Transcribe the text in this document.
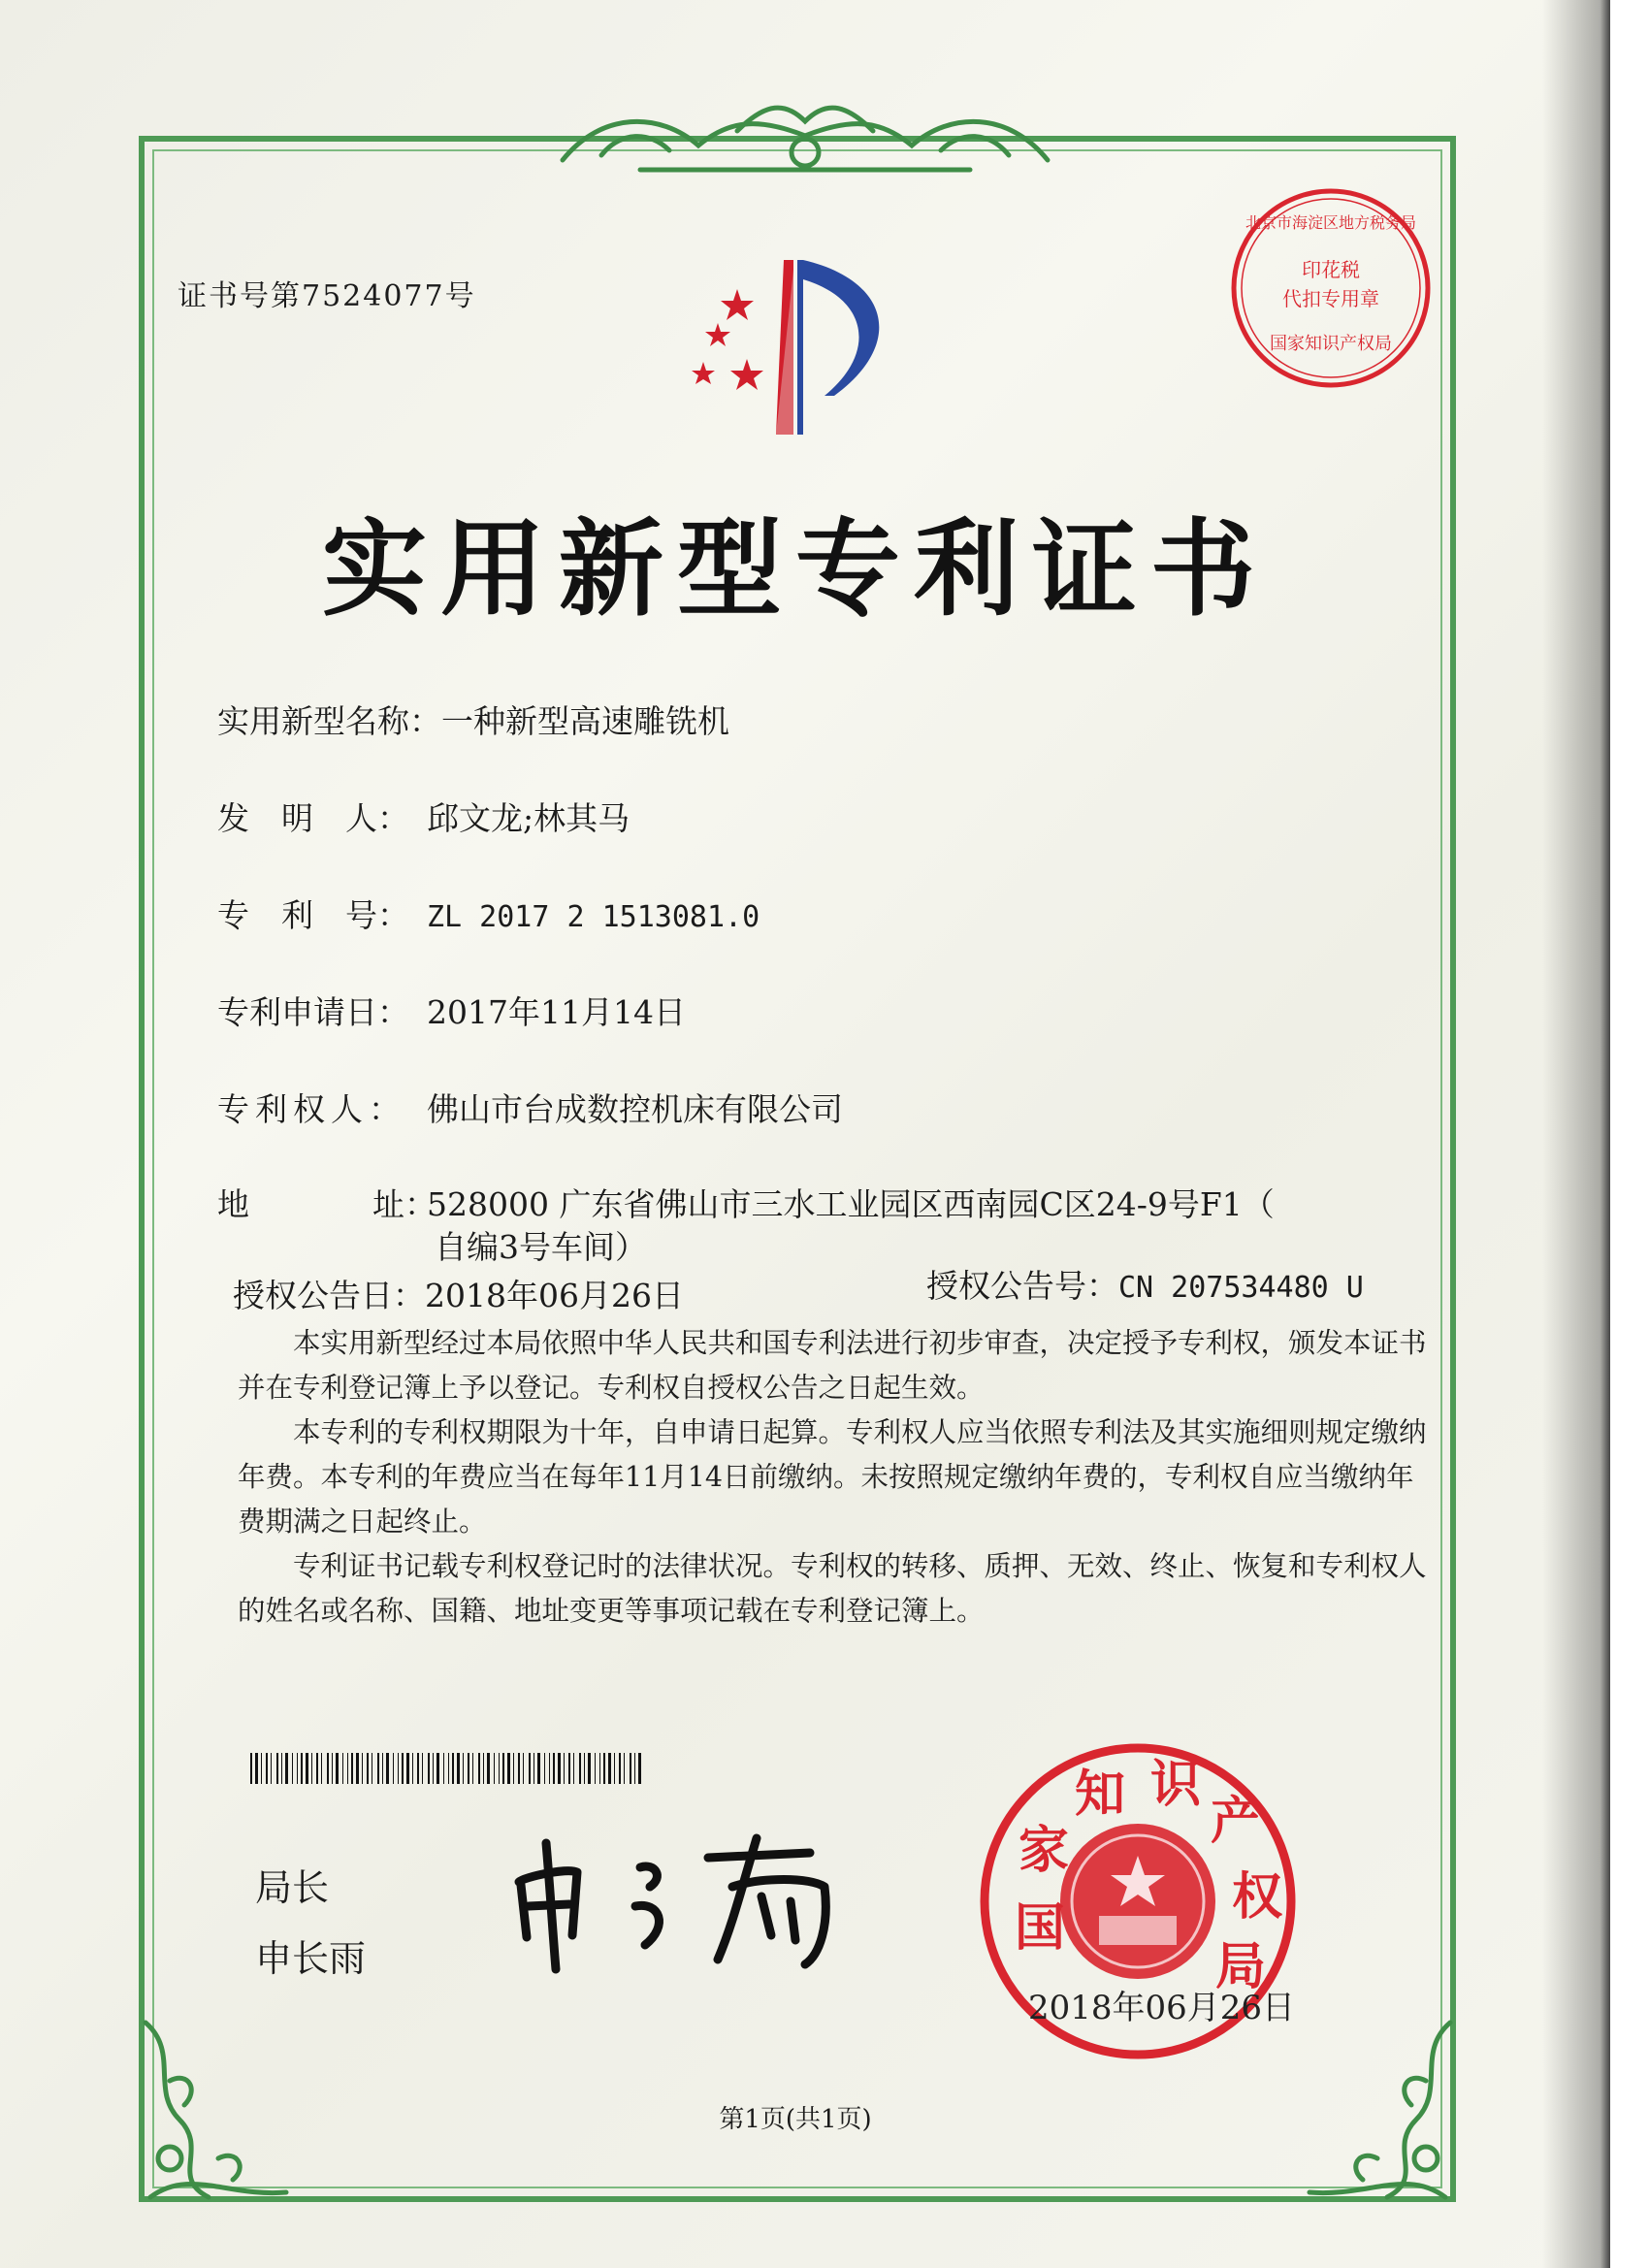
证书号第7524077号
印花税
代扣专用章
国家知识产权局
北京市海淀区地方税务局
实用新型专利证书
实用新型名称：一种新型高速雕铣机
发　明　人： 邱文龙;林其马
专　利　号： ZL 2017 2 1513081.0
专利申请日： 2017年11月14日
专利权人： 佛山市台成数控机床有限公司
地	址：528000 广东省佛山市三水工业园区西南园C区24-9号F1（
自编3号车间）
授权公告日：2018年06月26日	授权公告号：CN 207534480 U

本实用新型经过本局依照中华人民共和国专利法进行初步审查，决定授予专利权，颁发本证书并在专利登记簿上予以登记。专利权自授权公告之日起生效。

本专利的专利权期限为十年，自申请日起算。专利权人应当依照专利法及其实施细则规定缴纳年费。本专利的年费应当在每年11月14日前缴纳。未按照规定缴纳年费的，专利权自应当缴纳年费期满之日起终止。

专利证书记载专利权登记时的法律状况。专利权的转移、质押、无效、终止、恢复和专利权人的姓名或名称、国籍、地址变更等事项记载在专利登记簿上。

局长
申长雨
国 家 知 识 产 权 局
2018年06月26日
第1页(共1页)
